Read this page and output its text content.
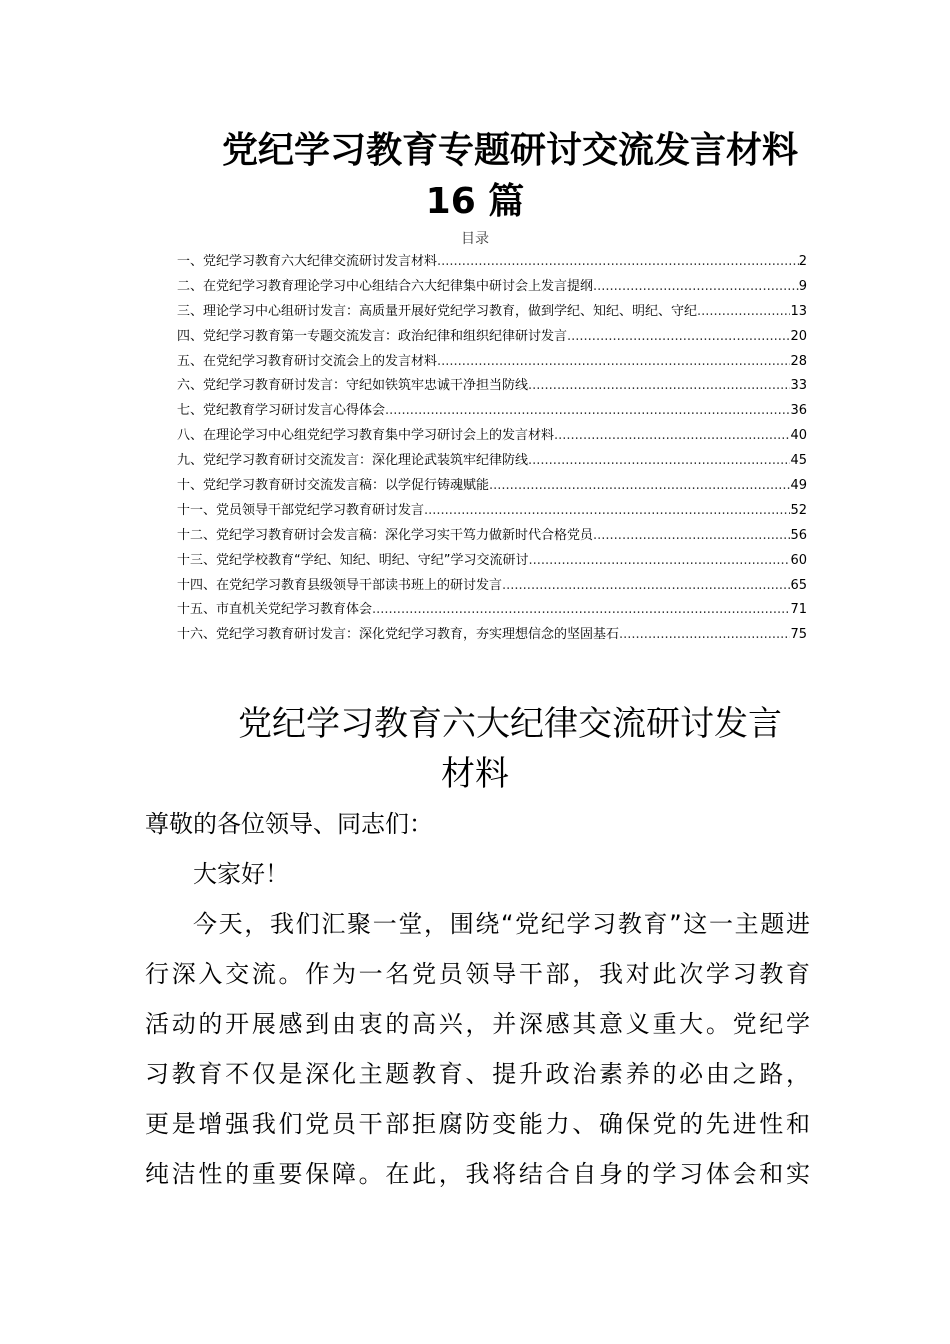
党纪学习教育专题研讨交流发言材料
16 篇
目录
一、党纪学习教育六大纪律交流研讨发言材料 .....	2
二、在党纪学习教育理论学习中心组结合六大纪律集中研讨会上发言提纲 .....	9
三、理论学习中心组研讨发言：高质量开展好党纪学习教育，做到学纪、知纪、明纪、守纪 .....	13
四、党纪学习教育第一专题交流发言：政治纪律和组织纪律研讨发言 .....	20
五、在党纪学习教育研讨交流会上的发言材料 .....	28
六、党纪学习教育研讨发言：守纪如铁筑牢忠诚干净担当防线 .....	33
七、党纪教育学习研讨发言心得体会 .....	36
八、在理论学习中心组党纪学习教育集中学习研讨会上的发言材料 .....	40
九、党纪学习教育研讨交流发言：深化理论武装筑牢纪律防线 .....	45
十、党纪学习教育研讨交流发言稿：以学促行铸魂赋能 .....	49
十一、党员领导干部党纪学习教育研讨发言 .....	52
十二、党纪学习教育研讨会发言稿：深化学习实干笃力做新时代合格党员 .....	56
十三、党纪学校教育“学纪、知纪、明纪、守纪”学习交流研讨 .....	60
十四、在党纪学习教育县级领导干部读书班上的研讨发言 .....	65
十五、市直机关党纪学习教育体会 .....	71
十六、党纪学习教育研讨发言：深化党纪学习教育，夯实理想信念的坚固基石 .....	75
党纪学习教育六大纪律交流研讨发言
材料
尊敬的各位领导、同志们：
大家好！
今天，我们汇聚一堂，围绕“党纪学习教育”这一主题进
行深入交流。作为一名党员领导干部，我对此次学习教育
活动的开展感到由衷的高兴，并深感其意义重大。党纪学
习教育不仅是深化主题教育、提升政治素养的必由之路，
更是增强我们党员干部拒腐防变能力、确保党的先进性和
纯洁性的重要保障。在此，我将结合自身的学习体会和实
